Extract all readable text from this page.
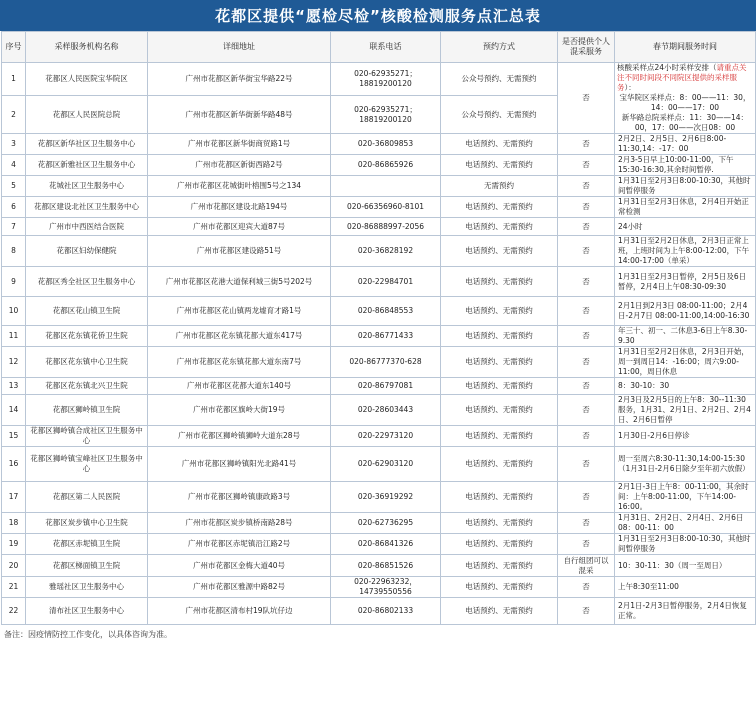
花都区提供“愿检尽检”核酸检测服务点汇总表
序号	采样服务机构名称	详细地址	联系电话	预约方式	是否提供个人混采服务	春节期间服务时间
1	花都区人民医院宝华院区	广州市花都区新华街宝华路22号	020-62935271；18819200120	公众号预约、无需预约	否	核酸采样点24小时采样安排（请重点关注不同时间段不同院区提供的采样服务）：
宝华院区采样点：8：00——11：30，14：00——17：00
新华路总院采样点：11：30——14：00，17：00——次日08：00

2	花都区人民医院总院	广州市花都区新华街新华路48号	020-62935271；18819200120	公众号预约、无需预约		
3	花都区新华社区卫生服务中心	广州市花都区新华街商贸路1号	020-36809853	电话预约、无需预约	否	2月2日、2月5日、2月6日8:00-11:30,14：-17：00
4	花都区新雅社区卫生服务中心	广州市花都区新街西路2号	020-86865926	电话预约、无需预约	否	2月3-5日早上10:00-11:00，下午15:30-16:30,其余时间暂停.
5	花城社区卫生服务中心	广州市花都区花城街叶榕围5号之134		无需预约	否	1月31日至2月3日8:00-10:30，其他时间暂停服务
6	花都区建设北社区卫生服务中心	广州市花都区建设北路194号	020-66356960-8101	电话预约、无需预约	否	1月31日至2月3日休息，2月4日开始正常检测
7	广州市中西医结合医院	广州市花都区迎宾大道87号	020-86888997-2056	电话预约、无需预约	否	24小时
8	花都区妇幼保健院	广州市花都区建设路51号	020-36828192	电话预约、无需预约	否	1月31日至2月2日休息，2月3日正常上班，上班时间为上午8:00-12:00，下午14:00-17:00（单采）
9	花都区秀全社区卫生服务中心	广州市花都区花港大道保利城三街5号202号	020-22984701	电话预约、无需预约	否	1月31日至2月3日暂停，2月5日及6日暂停，2月4日上午08:30-09:30
10	花都区花山镇卫生院	广州市花都区花山镇两龙墟育才路1号	020-86848553	电话预约、无需预约	否	2月1日到2月3日 08:00-11:00；2月4日-2月7日 08:00-11:00,14:00-16:30
11	花都区花东镇花侨卫生院	广州市花都区花东镇花都大道东417号	020-86771433	电话预约、无需预约	否	年三十、初一、二休息3-6日上午8.30-9.30
12	花都区花东镇中心卫生院	广州市花都区花东镇花都大道东南7号	020-86777370-628	电话预约、无需预约	否	1月31日至2月2日休息，2月3日开始，周一到周日14：-16:00；周六9:00-11:00，周日休息
13	花都区花东镇北兴卫生院	广州市花都区花都大道东140号	020-86797081	电话预约、无需预约	否	8：30-10：30
14	花都区狮岭镇卫生院	广州市花都区旗岭大街19号	020-28603443	电话预约、无需预约	否	2月3日及2月5日的上午8：30--11:30服务，1月31、2月1日、2月2日、2月4日、2月6日暂停
15	花都区狮岭镇合成社区卫生服务中心	广州市花都区狮岭镇狮岭大道东28号	020-22973120	电话预约、无需预约	否	1月30日-2月6日停诊
16	花都区狮岭镇宝峰社区卫生服务中心	广州市花都区狮岭镇阳光北路41号	020-62903120	电话预约、无需预约	否	周一至周六8:30-11:30,14:00-15:30（1月31日-2月6日除夕至年初六放假）
17	花都区第二人民医院	广州市花都区狮岭镇康政路3号	020-36919292	电话预约、无需预约	否	2月1日-3日上午8：00-11:00，其余时间：上午8:00-11:00，下午14:00-16:00。
18	花都区炭步镇中心卫生院	广州市花都区炭步镇桥南路28号	020-62736295	电话预约、无需预约	否	1月31日、2月2日、2月4日、2月6日08：00-11：00
19	花都区赤坭镇卫生院	广州市花都区赤坭镇沿江路2号	020-86841326	电话预约、无需预约	否	1月31日至2月3日8:00-10:30，其他时间暂停服务
20	花都区梯面镇卫生院	广州市花都区金梅大道40号	020-86851526	电话预约、无需预约	自行组团可以混采	10：30-11：30（周一至周日）
21	雅瑶社区卫生服务中心	广州市花都区雅源中路82号	020-22963232，14739550556	电话预约、无需预约	否	上午8:30至11:00
22	清布社区卫生服务中心	广州市花都区清布村19队坑仔边	020-86802133	电话预约、无需预约	否	2月1日-2月3日暂停服务，2月4日恢复正常。
备注：因疫情防控工作变化，以具体咨询为准。
